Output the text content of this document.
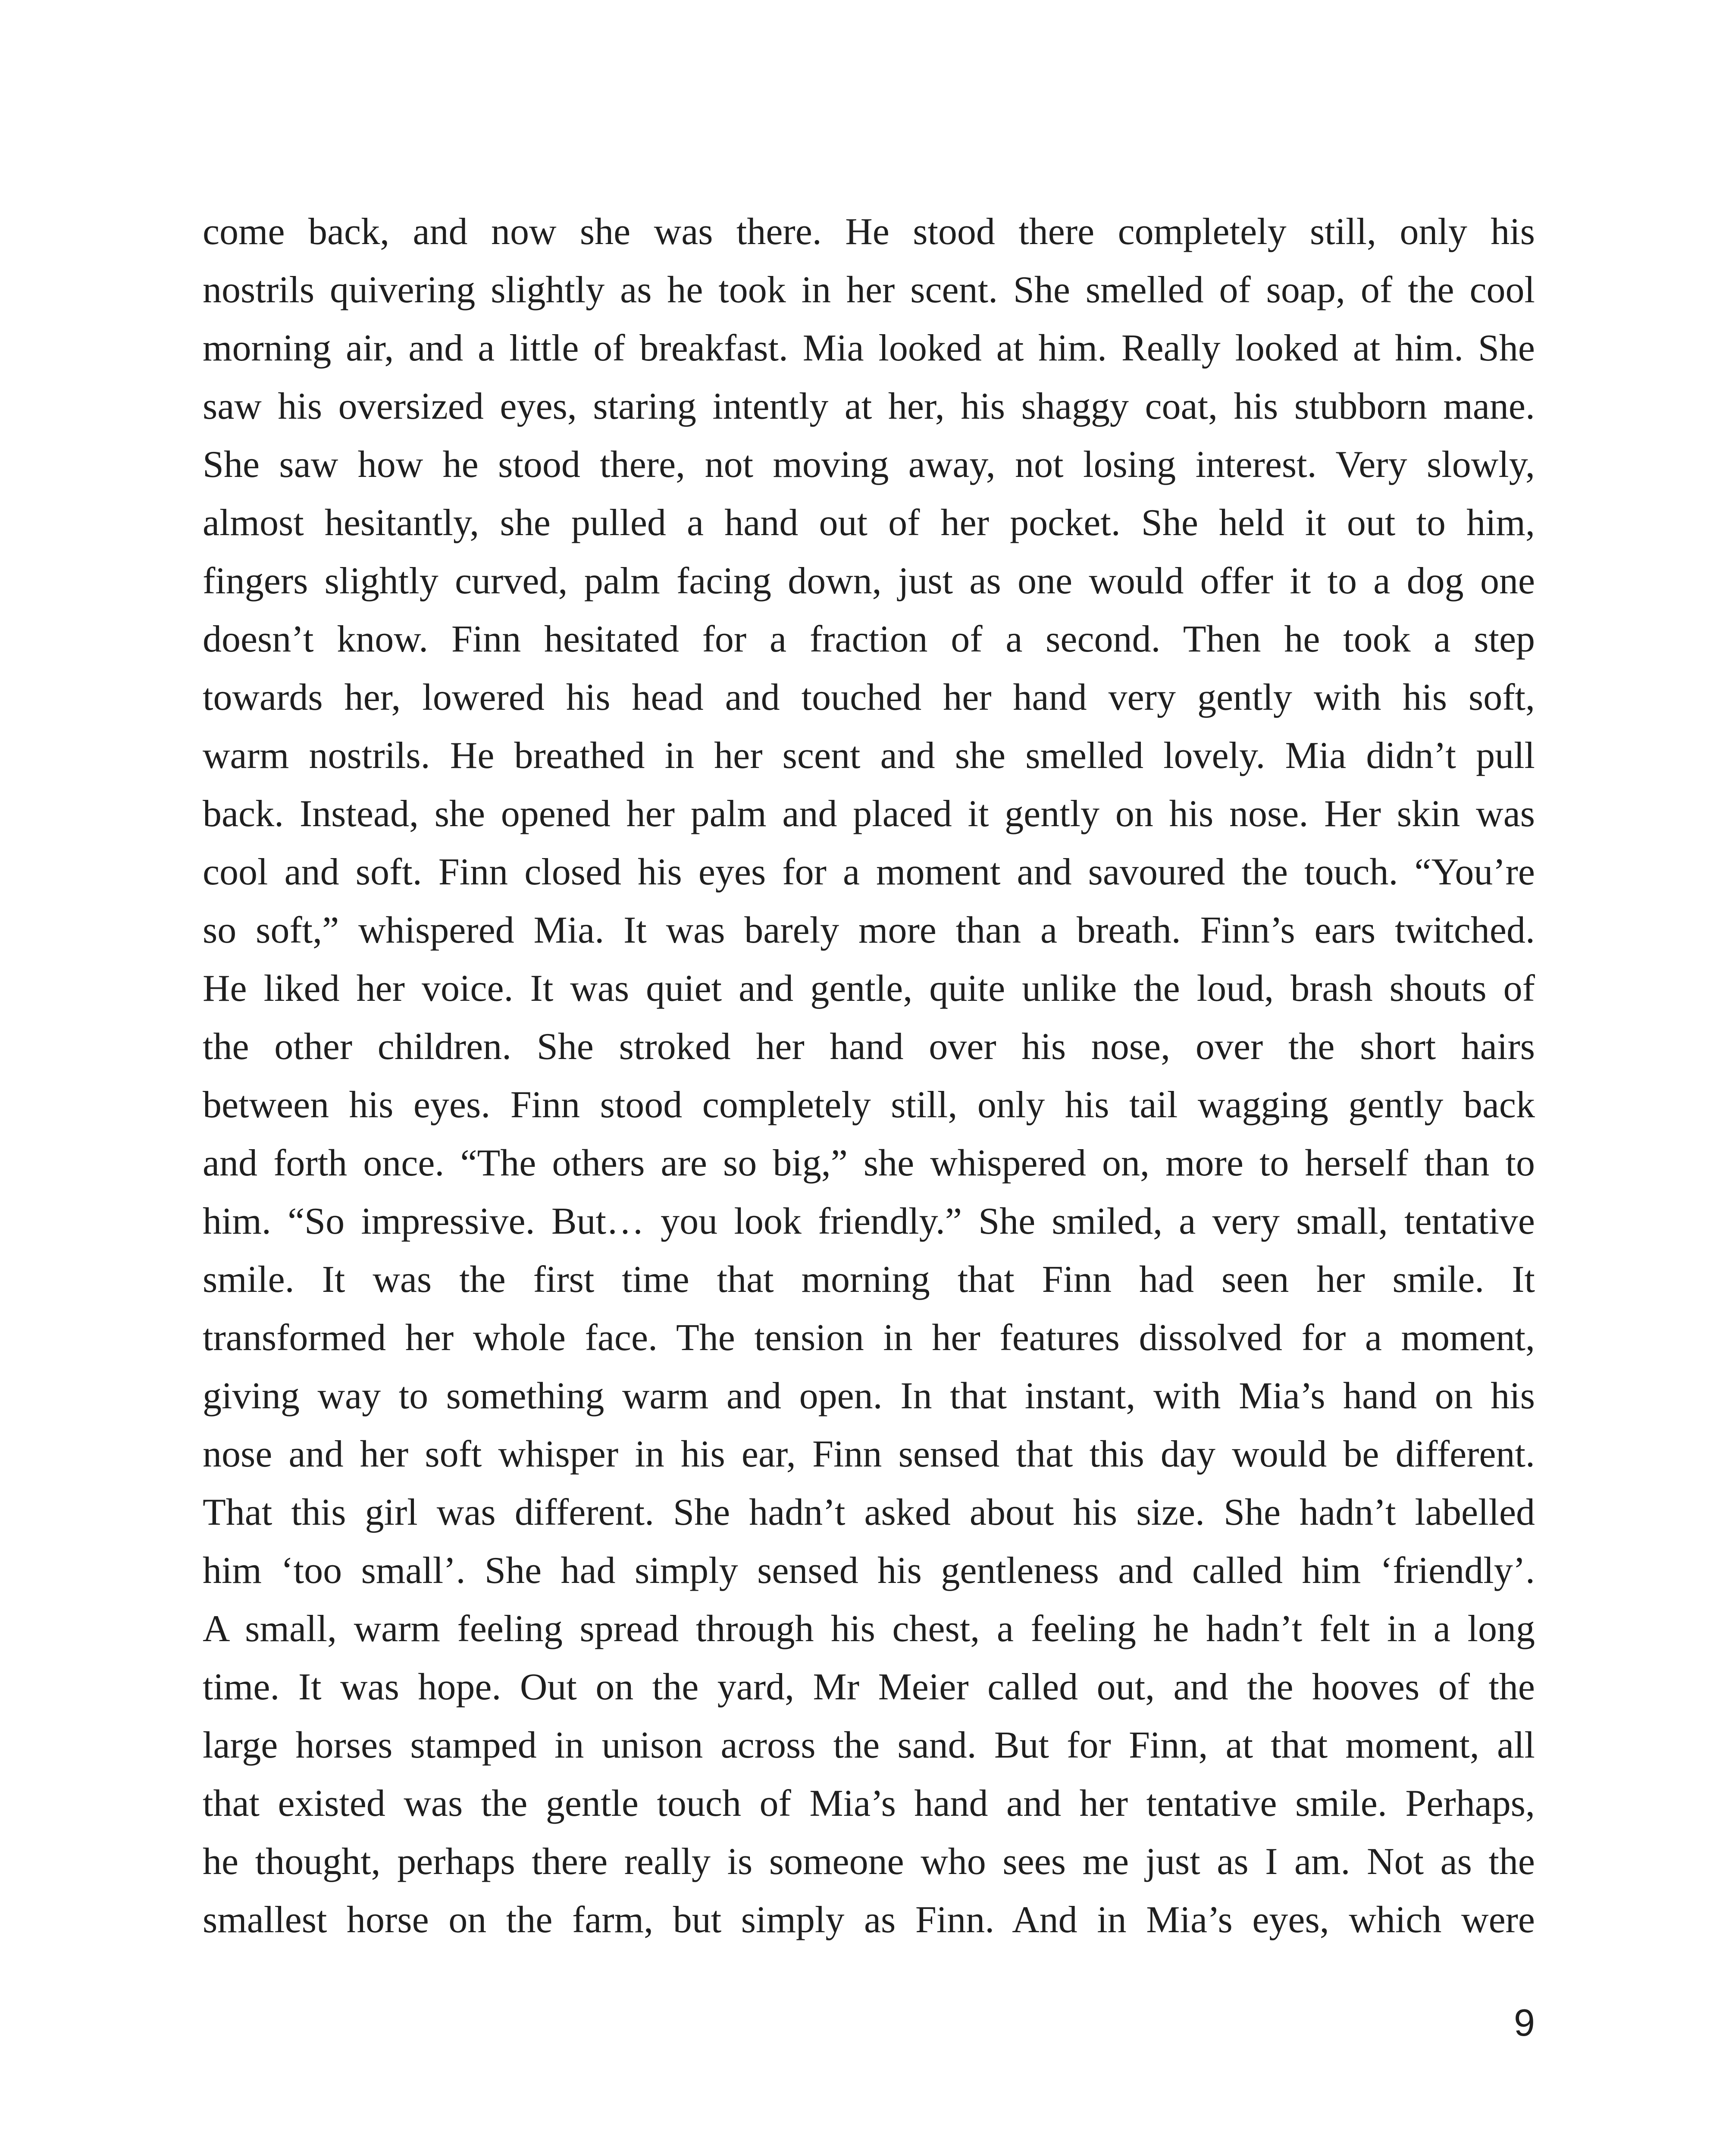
come back, and now she was there. He stood there completely still, only his
nostrils quivering slightly as he took in her scent. She smelled of soap, of the cool
morning air, and a little of breakfast. Mia looked at him. Really looked at him. She
saw his oversized eyes, staring intently at her, his shaggy coat, his stubborn mane.
She saw how he stood there, not moving away, not losing interest. Very slowly,
almost hesitantly, she pulled a hand out of her pocket. She held it out to him,
fingers slightly curved, palm facing down, just as one would offer it to a dog one
doesn’t know. Finn hesitated for a fraction of a second. Then he took a step
towards her, lowered his head and touched her hand very gently with his soft,
warm nostrils. He breathed in her scent and she smelled lovely. Mia didn’t pull
back. Instead, she opened her palm and placed it gently on his nose. Her skin was
cool and soft. Finn closed his eyes for a moment and savoured the touch. “You’re
so soft,” whispered Mia. It was barely more than a breath. Finn’s ears twitched.
He liked her voice. It was quiet and gentle, quite unlike the loud, brash shouts of
the other children. She stroked her hand over his nose, over the short hairs
between his eyes. Finn stood completely still, only his tail wagging gently back
and forth once. “The others are so big,” she whispered on, more to herself than to
him. “So impressive. But… you look friendly.” She smiled, a very small, tentative
smile. It was the first time that morning that Finn had seen her smile. It
transformed her whole face. The tension in her features dissolved for a moment,
giving way to something warm and open. In that instant, with Mia’s hand on his
nose and her soft whisper in his ear, Finn sensed that this day would be different.
That this girl was different. She hadn’t asked about his size. She hadn’t labelled
him ‘too small’. She had simply sensed his gentleness and called him ‘friendly’.
A small, warm feeling spread through his chest, a feeling he hadn’t felt in a long
time. It was hope. Out on the yard, Mr Meier called out, and the hooves of the
large horses stamped in unison across the sand. But for Finn, at that moment, all
that existed was the gentle touch of Mia’s hand and her tentative smile. Perhaps,
he thought, perhaps there really is someone who sees me just as I am. Not as the
smallest horse on the farm, but simply as Finn. And in Mia’s eyes, which were
9
